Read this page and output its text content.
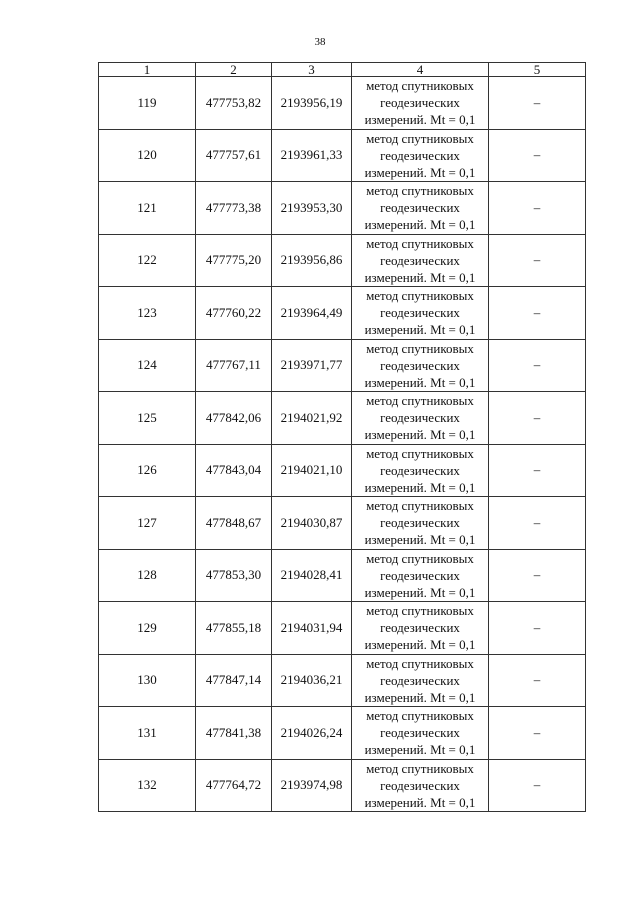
38
1	2	3	4	5
119	477753,82	2193956,19	метод спутниковых
геодезических
измерений. Mt = 0,1	–
120	477757,61	2193961,33	метод спутниковых
геодезических
измерений. Mt = 0,1	–
121	477773,38	2193953,30	метод спутниковых
геодезических
измерений. Mt = 0,1	–
122	477775,20	2193956,86	метод спутниковых
геодезических
измерений. Mt = 0,1	–
123	477760,22	2193964,49	метод спутниковых
геодезических
измерений. Mt = 0,1	–
124	477767,11	2193971,77	метод спутниковых
геодезических
измерений. Mt = 0,1	–
125	477842,06	2194021,92	метод спутниковых
геодезических
измерений. Mt = 0,1	–
126	477843,04	2194021,10	метод спутниковых
геодезических
измерений. Mt = 0,1	–
127	477848,67	2194030,87	метод спутниковых
геодезических
измерений. Mt = 0,1	–
128	477853,30	2194028,41	метод спутниковых
геодезических
измерений. Mt = 0,1	–
129	477855,18	2194031,94	метод спутниковых
геодезических
измерений. Mt = 0,1	–
130	477847,14	2194036,21	метод спутниковых
геодезических
измерений. Mt = 0,1	–
131	477841,38	2194026,24	метод спутниковых
геодезических
измерений. Mt = 0,1	–
132	477764,72	2193974,98	метод спутниковых
геодезических
измерений. Mt = 0,1	–
